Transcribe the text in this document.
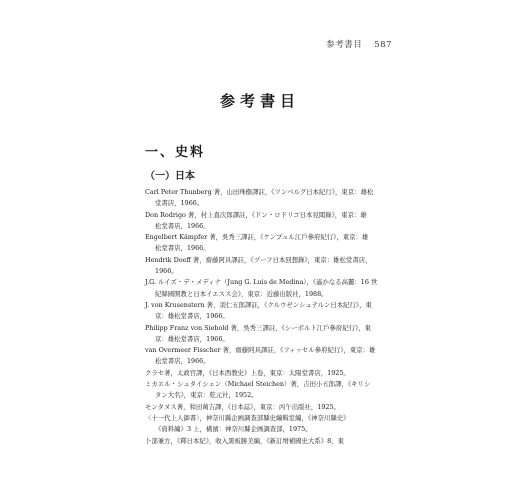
参考書目 587
参考書目
一、史料
（一）日本
Carl Peter Thunberg 著，山田珠樹譯註，《ツンベルグ日本紀行》，東京：雄松
堂書店，1966。
Don Rodrigo 著，村上直次郎譯註，《ドン・ロドリゴ日本見聞錄》，東京：雄
松堂書店，1966。
Engelbert Kämpfer 著，吳秀三譯註，《ケンプェル江戶參府紀行》，東京：雄
松堂書店，1966。
Hendrik Doeff 著，齋藤阿具譯註，《ヅーフ日本回想錄》，東京：雄松堂書店，
1966。
J.G. ルイズ・デ・メディナ（Jung G. Luis de Medina），《遙かなる高麗：16 世
紀韓國開教と日本イエスス会》，東京：近藤出版社，1988。
J. von Krusenstern 著，羽仁五郎譯註，《クルウゼンシュテルン日本紀行》，東
京：雄松堂書店，1966。
Philipp Franz von Siebold 著，吳秀三譯註，《シーボルト江戶參府紀行》，東
京：雄松堂書店，1966。
van Overmeer Fisscher 著，齋藤阿具譯註，《フィッセル參府紀行》，東京：雄
松堂書店，1966。
クラセ著，太政官譯，《日本西教史》上卷，東京：太陽堂書店，1925。
ミカエル・シュタイシェン（Michael Steichen）著，吉田小五郎譯，《キリシ
タン大名》，東京：乾元社，1952。
モンタヌス著，和田萬吉譯，《日本誌》，東京：丙午出版社，1925。
〈十一代上人御書〉，神奈川縣企画調查部縣史編輯室編，《神奈川縣史》
《資料編》3 上，橫濱：神奈川縣企画調查部，1975。
卜部兼方，《釋日本紀》，收入黑板勝美編，《新訂增補國史大系》8，東
